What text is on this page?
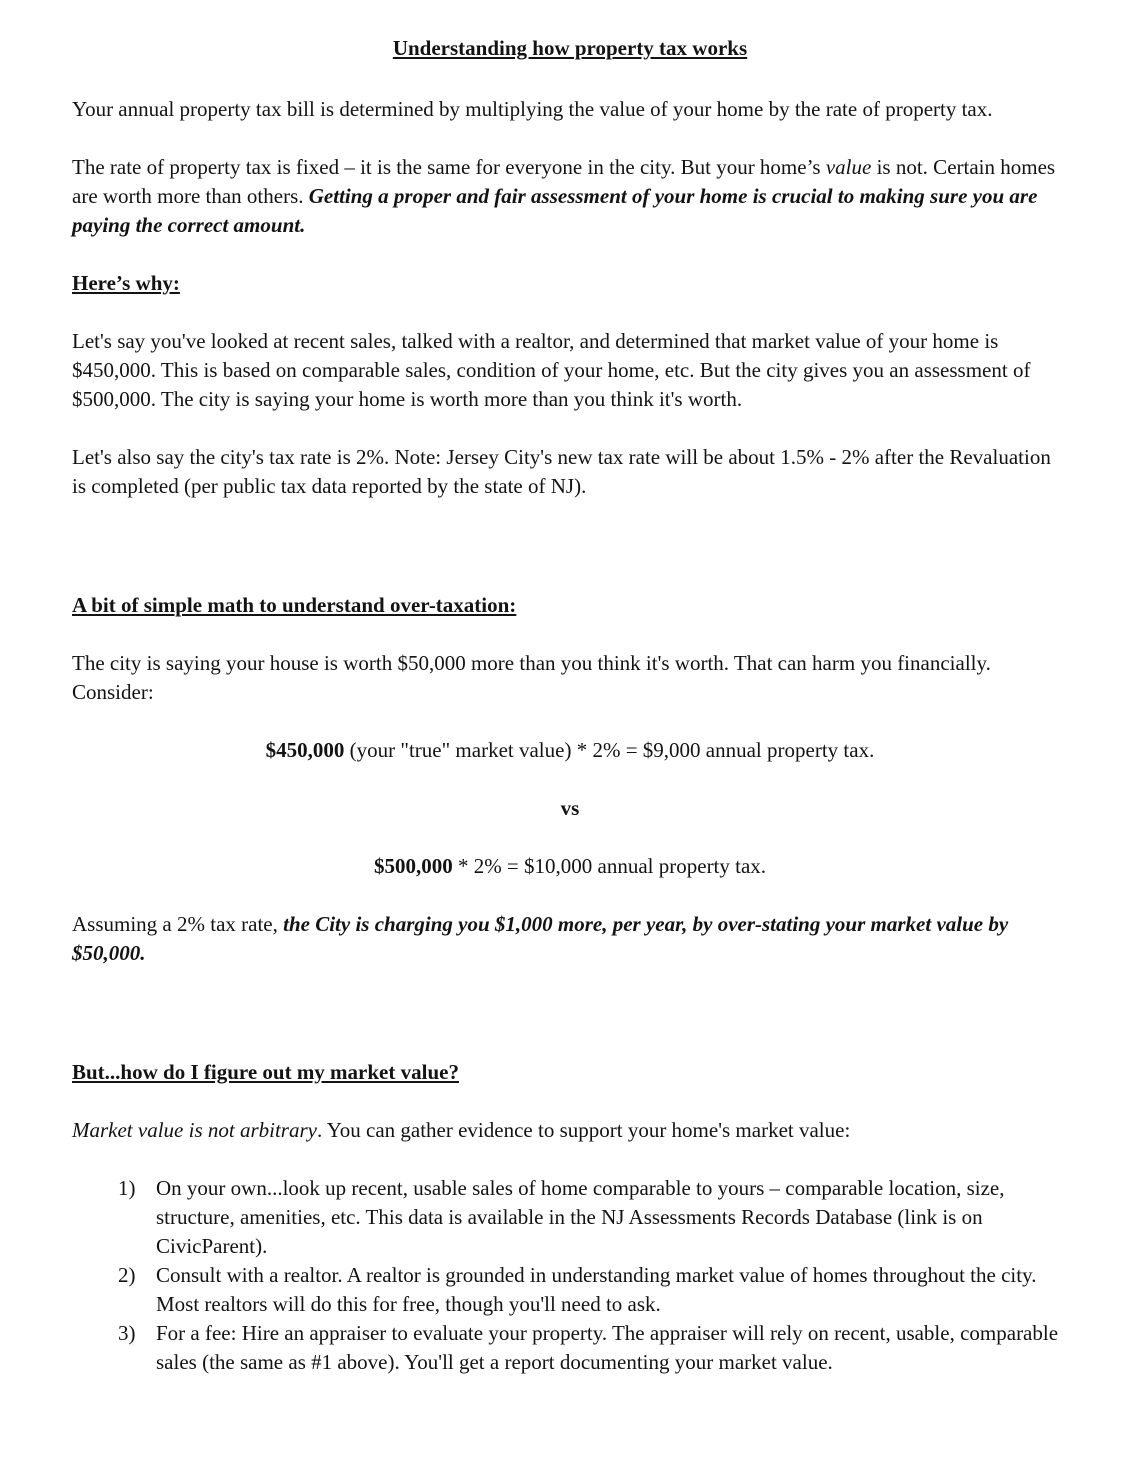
Understanding how property tax works

Your annual property tax bill is determined by multiplying the value of your home by the rate of property tax.

The rate of property tax is fixed – it is the same for everyone in the city. But your home’s value is not. Certain homes are worth more than others. Getting a proper and fair assessment of your home is crucial to making sure you are paying the correct amount.

Here’s why:

Let's say you've looked at recent sales, talked with a realtor, and determined that market value of your home is $450,000. This is based on comparable sales, condition of your home, etc. But the city gives you an assessment of $500,000. The city is saying your home is worth more than you think it's worth.

Let's also say the city's tax rate is 2%. Note: Jersey City's new tax rate will be about 1.5% - 2% after the Revaluation is completed (per public tax data reported by the state of NJ).

A bit of simple math to understand over-taxation:

The city is saying your house is worth $50,000 more than you think it's worth. That can harm you financially. Consider:

$450,000 (your "true" market value) * 2% = $9,000 annual property tax.

vs

$500,000 * 2% = $10,000 annual property tax.

Assuming a 2% tax rate, the City is charging you $1,000 more, per year, by over-stating your market value by $50,000.

But...how do I figure out my market value?

Market value is not arbitrary. You can gather evidence to support your home's market value:

1) On your own...look up recent, usable sales of home comparable to yours – comparable location, size, structure, amenities, etc. This data is available in the NJ Assessments Records Database (link is on CivicParent).
2) Consult with a realtor. A realtor is grounded in understanding market value of homes throughout the city. Most realtors will do this for free, though you'll need to ask.
3) For a fee: Hire an appraiser to evaluate your property. The appraiser will rely on recent, usable, comparable sales (the same as #1 above). You'll get a report documenting your market value.
